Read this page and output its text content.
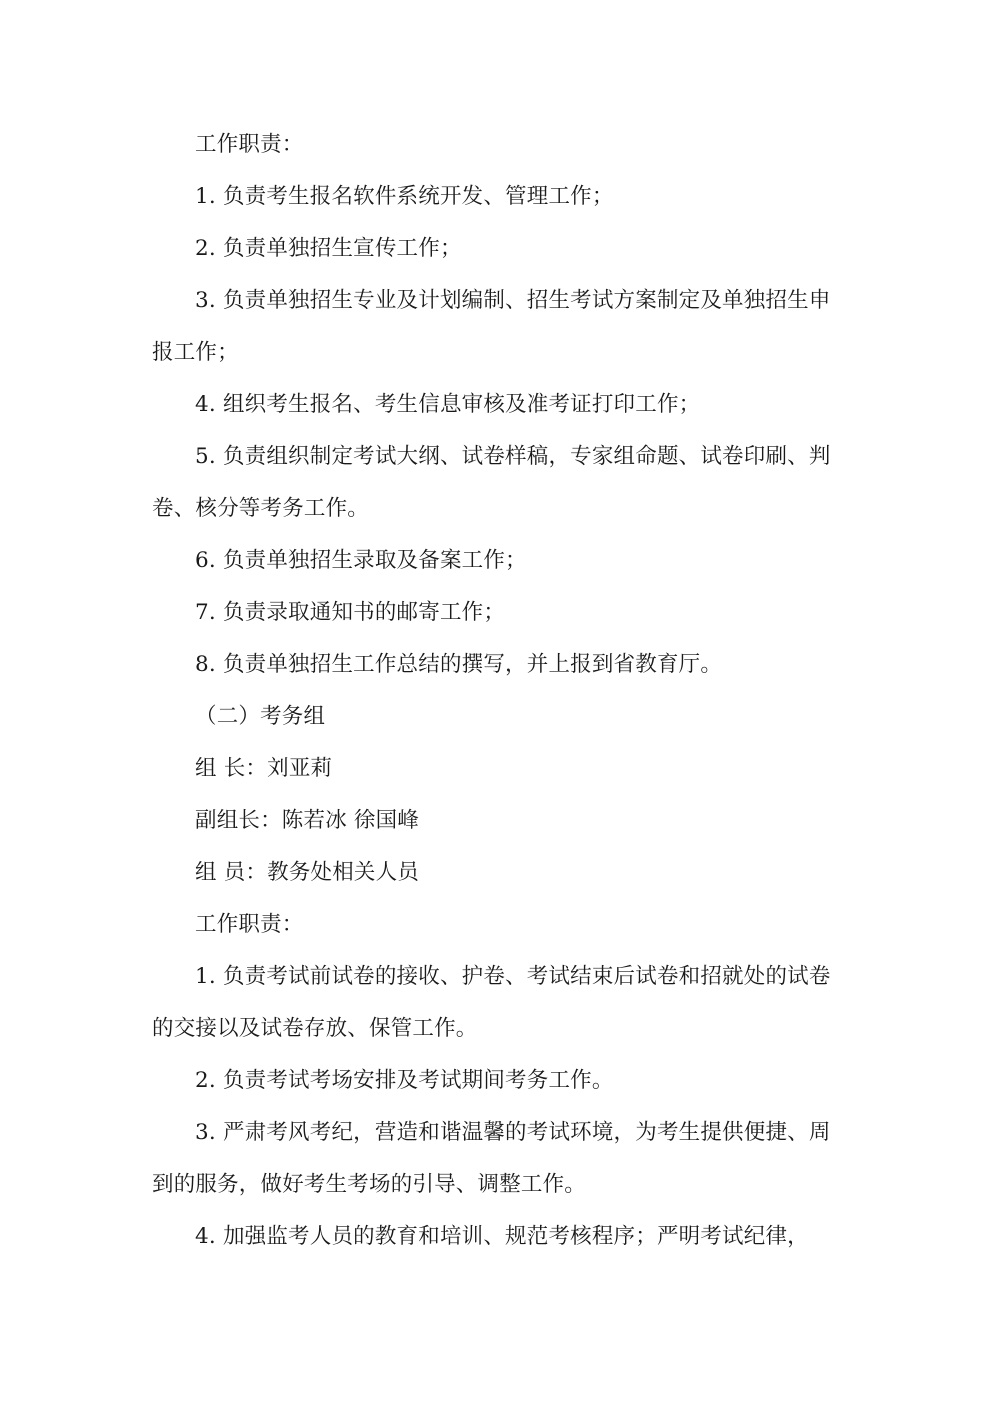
工作职责：

1. 负责考生报名软件系统开发、管理工作；

2. 负责单独招生宣传工作；

3. 负责单独招生专业及计划编制、招生考试方案制定及单独招生申报工作；

4. 组织考生报名、考生信息审核及准考证打印工作；

5. 负责组织制定考试大纲、试卷样稿，专家组命题、试卷印刷、判卷、核分等考务工作。

6. 负责单独招生录取及备案工作；

7. 负责录取通知书的邮寄工作；

8. 负责单独招生工作总结的撰写，并上报到省教育厅。

（二）考务组

组 长：刘亚莉

副组长：陈若冰 徐国峰

组 员：教务处相关人员

工作职责：

1. 负责考试前试卷的接收、护卷、考试结束后试卷和招就处的试卷的交接以及试卷存放、保管工作。

2. 负责考试考场安排及考试期间考务工作。

3. 严肃考风考纪，营造和谐温馨的考试环境，为考生提供便捷、周到的服务，做好考生考场的引导、调整工作。

4. 加强监考人员的教育和培训、规范考核程序；严明考试纪律，
